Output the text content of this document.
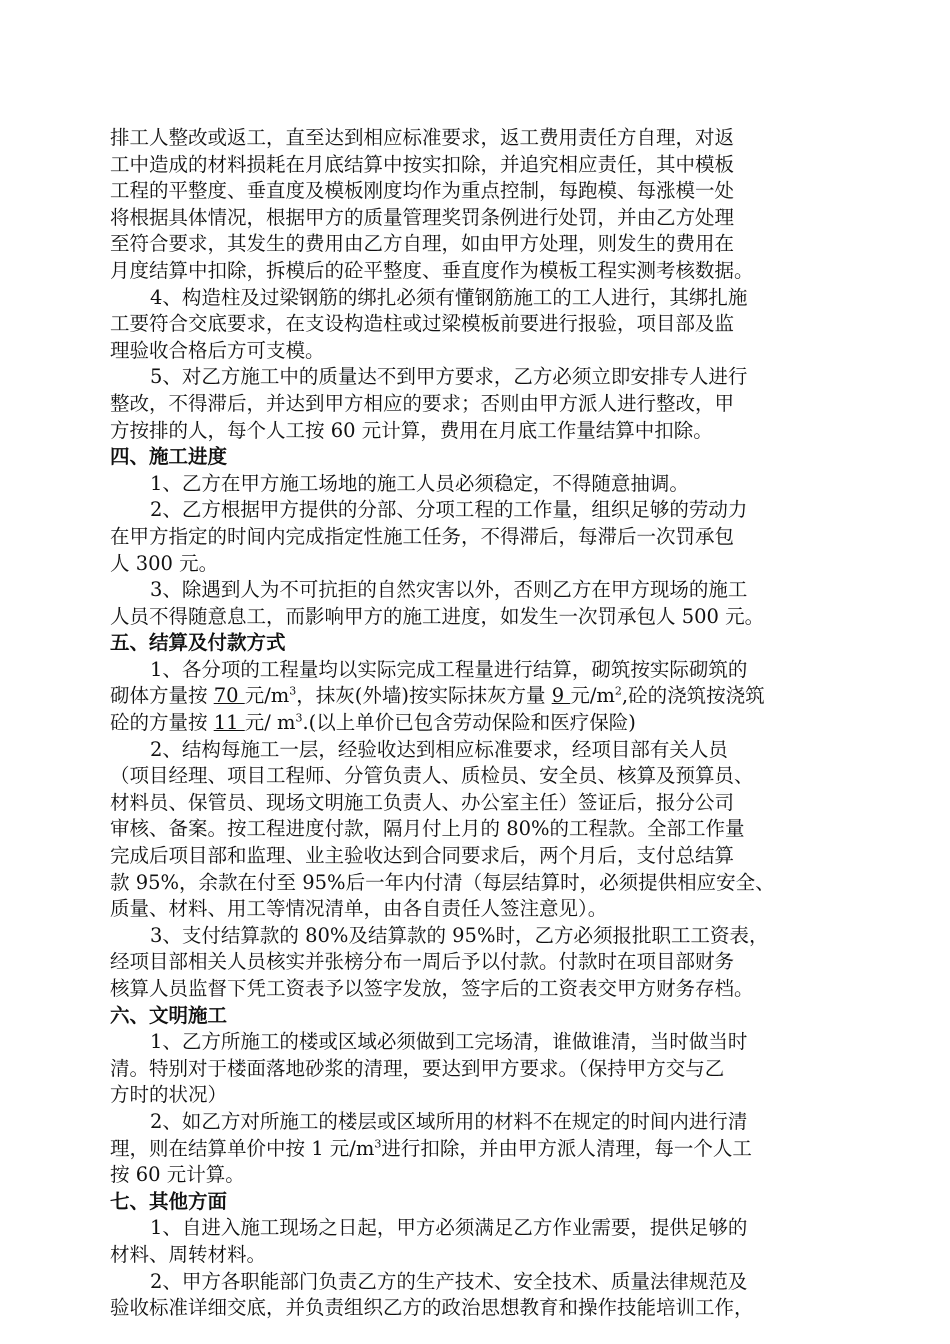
排工人整改或返工，直至达到相应标准要求，返工费用责任方自理，对返
工中造成的材料损耗在月底结算中按实扣除，并追究相应责任，其中模板
工程的平整度、垂直度及模板刚度均作为重点控制，每跑模、每涨模一处
将根据具体情况，根据甲方的质量管理奖罚条例进行处罚，并由乙方处理
至符合要求，其发生的费用由乙方自理，如由甲方处理，则发生的费用在
月度结算中扣除，拆模后的砼平整度、垂直度作为模板工程实测考核数据。
4、构造柱及过梁钢筋的绑扎必须有懂钢筋施工的工人进行，其绑扎施
工要符合交底要求，在支设构造柱或过梁模板前要进行报验，项目部及监
理验收合格后方可支模。
5、对乙方施工中的质量达不到甲方要求，乙方必须立即安排专人进行
整改，不得滞后，并达到甲方相应的要求；否则由甲方派人进行整改，甲
方按排的人，每个人工按 60 元计算，费用在月底工作量结算中扣除。
四、施工进度
1、乙方在甲方施工场地的施工人员必须稳定，不得随意抽调。
2、乙方根据甲方提供的分部、分项工程的工作量，组织足够的劳动力
在甲方指定的时间内完成指定性施工任务，不得滞后，每滞后一次罚承包
人 300 元。
3、除遇到人为不可抗拒的自然灾害以外，否则乙方在甲方现场的施工
人员不得随意息工，而影响甲方的施工进度，如发生一次罚承包人 500 元。
五、结算及付款方式
1、各分项的工程量均以实际完成工程量进行结算，砌筑按实际砌筑的
砌体方量按 70 元$/m^3$，抹灰(外墙)按实际抹灰方量 9 元$/m^2$,砼的浇筑按浇筑
砼的方量按 11 元/ $m^3$.(以上单价已包含劳动保险和医疗保险)
2、结构每施工一层，经验收达到相应标准要求，经项目部有关人员
（项目经理、项目工程师、分管负责人、质检员、安全员、核算及预算员、
材料员、保管员、现场文明施工负责人、办公室主任）签证后，报分公司
审核、备案。按工程进度付款，隔月付上月的 80%的工程款。全部工作量
完成后项目部和监理、业主验收达到合同要求后，两个月后，支付总结算
款 95%，余款在付至 95%后一年内付清（每层结算时，必须提供相应安全、
质量、材料、用工等情况清单，由各自责任人签注意见）。
3、支付结算款的 80%及结算款的 95%时，乙方必须报批职工工资表，
经项目部相关人员核实并张榜分布一周后予以付款。付款时在项目部财务
核算人员监督下凭工资表予以签字发放，签字后的工资表交甲方财务存档。
六、文明施工
1、乙方所施工的楼或区域必须做到工完场清，谁做谁清，当时做当时
清。特别对于楼面落地砂浆的清理，要达到甲方要求。（保持甲方交与乙
方时的状况）
2、如乙方对所施工的楼层或区域所用的材料不在规定的时间内进行清
理，则在结算单价中按 1 元$/m^3$进行扣除，并由甲方派人清理，每一个人工
按 60 元计算。
七、其他方面
1、自进入施工现场之日起，甲方必须满足乙方作业需要，提供足够的
材料、周转材料。
2、甲方各职能部门负责乙方的生产技术、安全技术、质量法律规范及
验收标准详细交底，并负责组织乙方的政治思想教育和操作技能培训工作，
